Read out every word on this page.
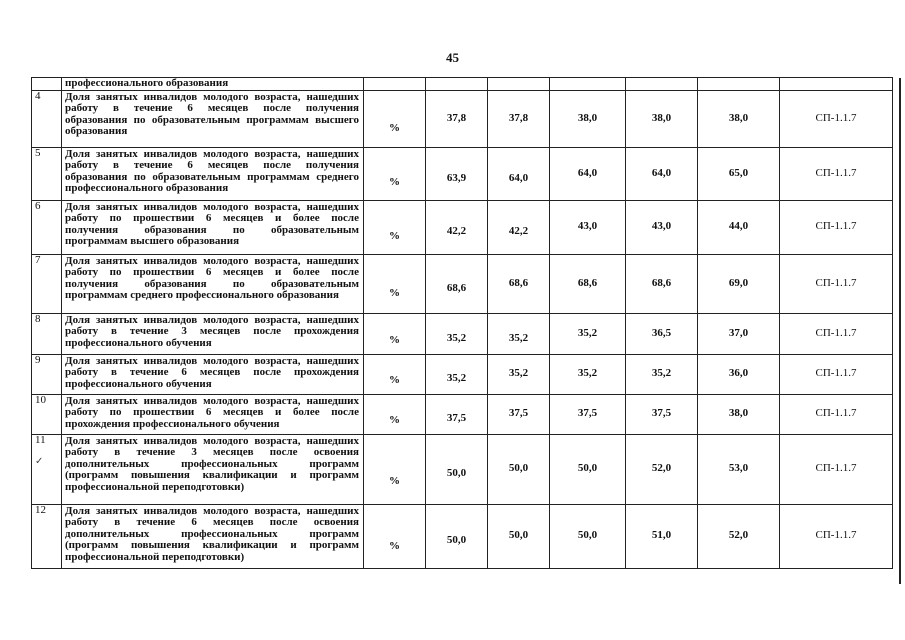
45
	профессионального образования							
4	Доля занятых инвалидов молодого возраста, нашедших
работу в течение 6 месяцев после получения
образования по образовательным программам высшего
образования	%	37,8	37,8	38,0	38,0	38,0	СП-1.1.7
5	Доля занятых инвалидов молодого возраста, нашедших
работу в течение 6 месяцев после получения
образования по образовательным программам среднего
профессионального образования	%	63,9	64,0	64,0	64,0	65,0	СП-1.1.7
6	Доля занятых инвалидов молодого возраста, нашедших
работу по прошествии 6 месяцев и более после
получения образования по образовательным
программам высшего образования	%	42,2	42,2	43,0	43,0	44,0	СП-1.1.7
7	Доля занятых инвалидов молодого возраста, нашедших
работу по прошествии 6 месяцев и более после
получения образования по образовательным
программам среднего профессионального образования	%	68,6	68,6	68,6	68,6	69,0	СП-1.1.7
8	Доля занятых инвалидов молодого возраста, нашедших
работу в течение 3 месяцев после прохождения
профессионального обучения	%	35,2	35,2	35,2	36,5	37,0	СП-1.1.7
9	Доля занятых инвалидов молодого возраста, нашедших
работу в течение 6 месяцев после прохождения
профессионального обучения	%	35,2	35,2	35,2	35,2	36,0	СП-1.1.7
10	Доля занятых инвалидов молодого возраста, нашедших
работу по прошествии 6 месяцев и более после
прохождения профессионального обучения	%	37,5	37,5	37,5	37,5	38,0	СП-1.1.7
11
✓	Доля занятых инвалидов молодого возраста, нашедших
работу в течение 3 месяцев после освоения
дополнительных профессиональных программ
(программ повышения квалификации и программ
профессиональной переподготовки)	%	50,0	50,0	50,0	52,0	53,0	СП-1.1.7
12	Доля занятых инвалидов молодого возраста, нашедших
работу в течение 6 месяцев после освоения
дополнительных профессиональных программ
(программ повышения квалификации и программ
профессиональной переподготовки)	%	50,0	50,0	50,0	51,0	52,0	СП-1.1.7
